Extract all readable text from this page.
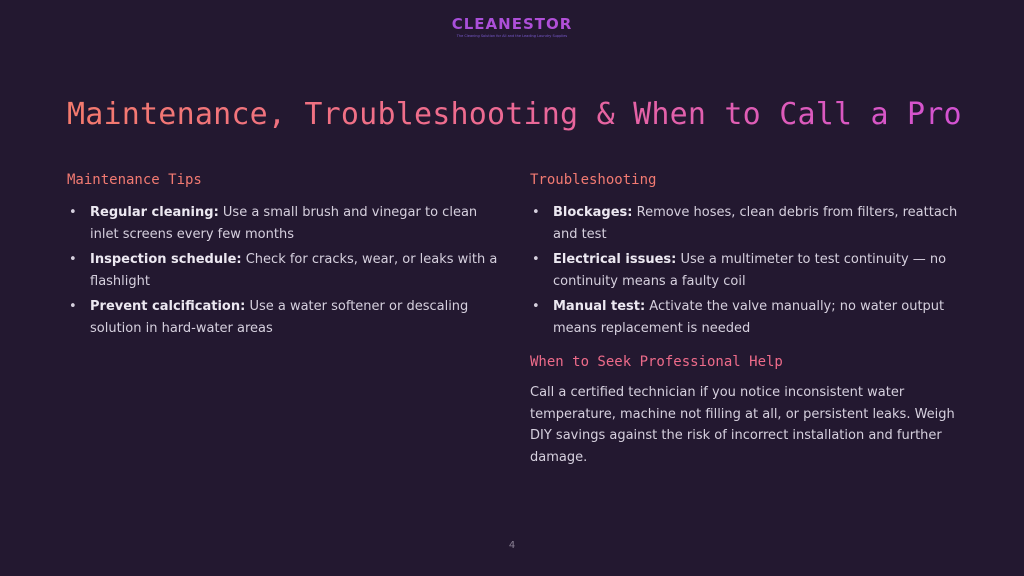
CLEANESTOR
The Cleaning Solution for All and the Leading Laundry Supplies
Maintenance, Troubleshooting & When to Call a Pro
Maintenance Tips
• Regular cleaning: Use a small brush and vinegar to clean inlet screens every few months
• Inspection schedule: Check for cracks, wear, or leaks with a flashlight
• Prevent calcification: Use a water softener or descaling solution in hard-water areas
Troubleshooting
• Blockages: Remove hoses, clean debris from filters, reattach and test
• Electrical issues: Use a multimeter to test continuity — no continuity means a faulty coil
• Manual test: Activate the valve manually; no water output means replacement is needed
When to Seek Professional Help

Call a certified technician if you notice inconsistent water temperature, machine not filling at all, or persistent leaks. Weigh DIY savings against the risk of incorrect installation and further damage.

4
